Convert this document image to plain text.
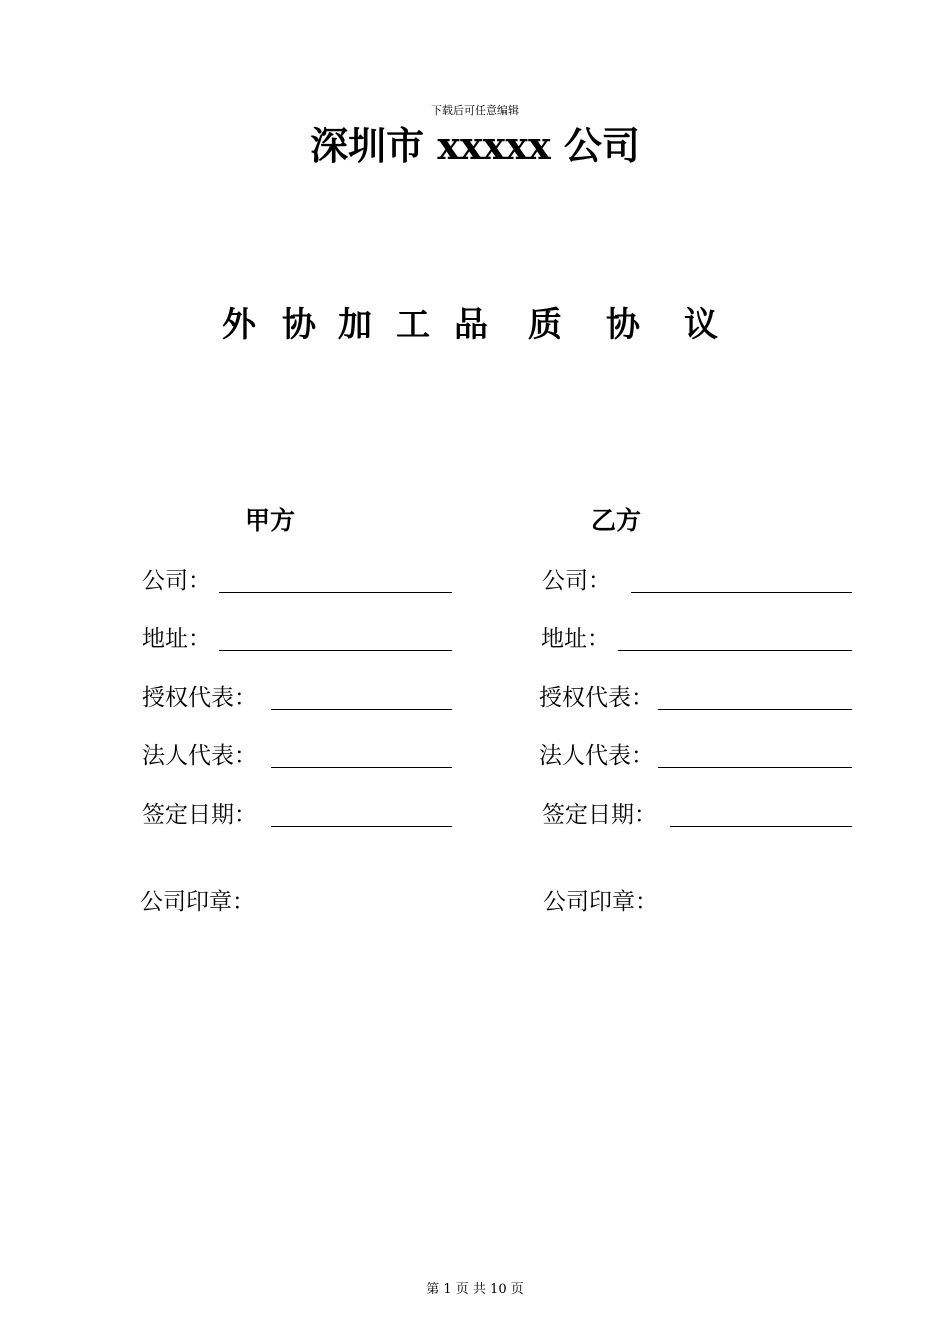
下载后可任意编辑
深圳市 xxxxx 公司
外 协 加 工 品 质 协 议
甲方
公司：
地址：
授权代表：
法人代表：
签定日期：
公司印章：
乙方
公司：
地址：
授权代表：
法人代表：
签定日期：
公司印章：
第 1 页 共 10 页
